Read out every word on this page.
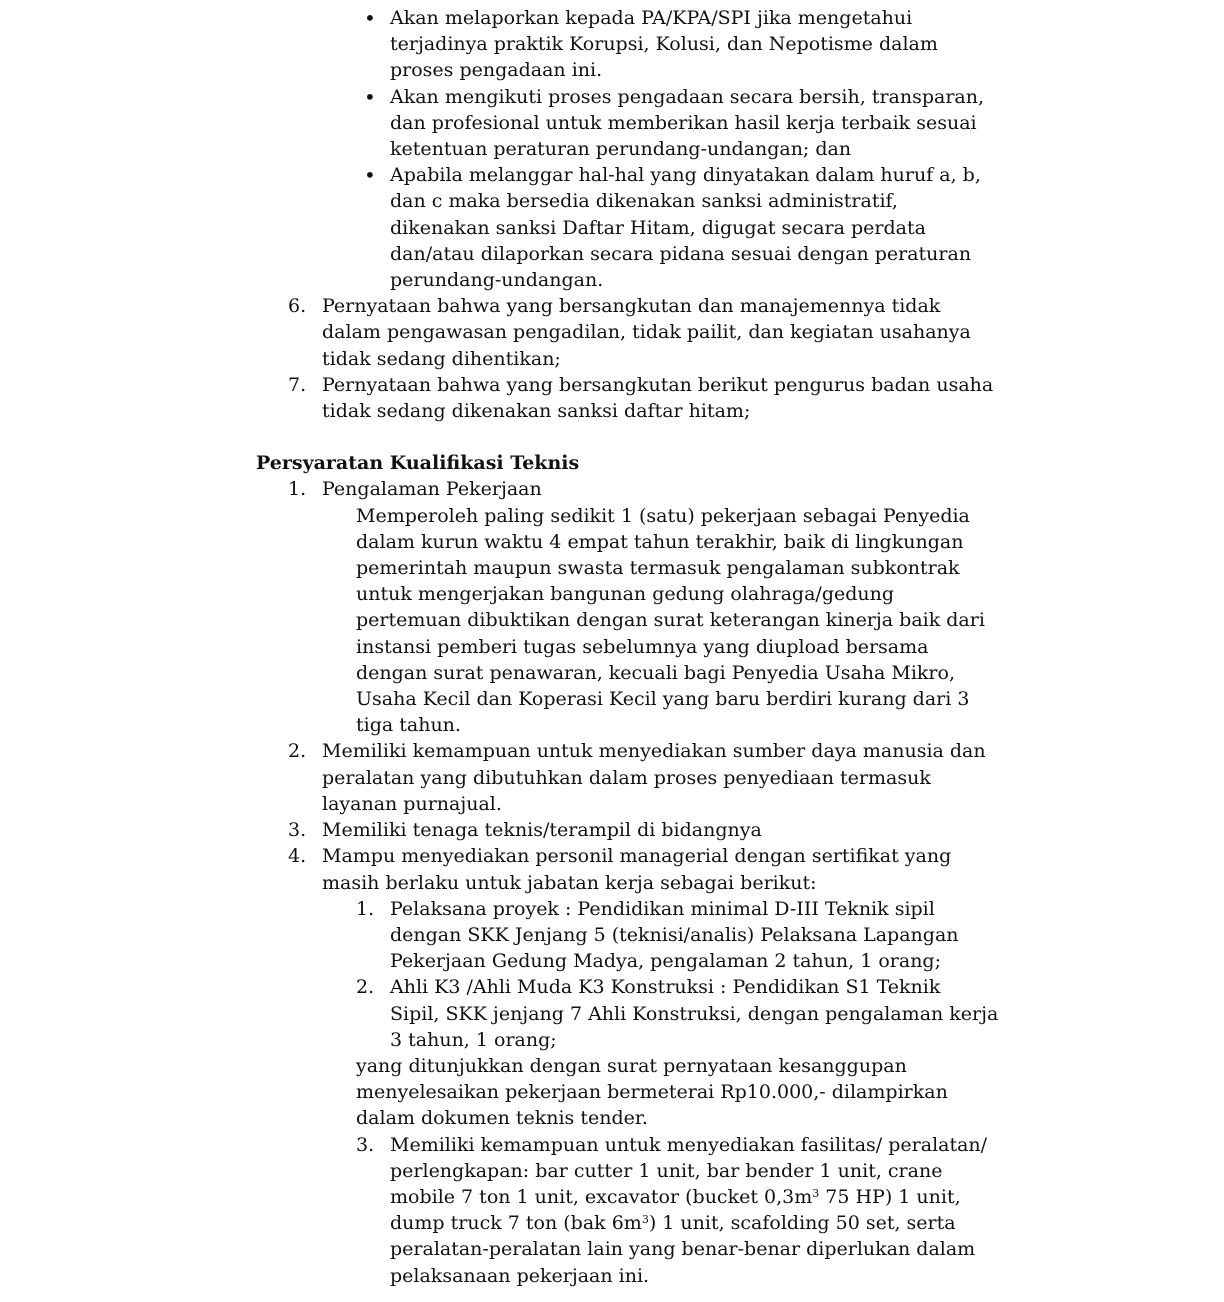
• Akan melaporkan kepada PA/KPA/SPI jika mengetahui
terjadinya praktik Korupsi, Kolusi, dan Nepotisme dalam
proses pengadaan ini.
• Akan mengikuti proses pengadaan secara bersih, transparan,
dan profesional untuk memberikan hasil kerja terbaik sesuai
ketentuan peraturan perundang-undangan; dan
• Apabila melanggar hal-hal yang dinyatakan dalam huruf a, b,
dan c maka bersedia dikenakan sanksi administratif,
dikenakan sanksi Daftar Hitam, digugat secara perdata
dan/atau dilaporkan secara pidana sesuai dengan peraturan
perundang-undangan.
6. Pernyataan bahwa yang bersangkutan dan manajemennya tidak
dalam pengawasan pengadilan, tidak pailit, dan kegiatan usahanya
tidak sedang dihentikan;
7. Pernyataan bahwa yang bersangkutan berikut pengurus badan usaha
tidak sedang dikenakan sanksi daftar hitam;
Persyaratan Kualifikasi Teknis
1. Pengalaman Pekerjaan
Memperoleh paling sedikit 1 (satu) pekerjaan sebagai Penyedia
dalam kurun waktu 4 empat tahun terakhir, baik di lingkungan
pemerintah maupun swasta termasuk pengalaman subkontrak
untuk mengerjakan bangunan gedung olahraga/gedung
pertemuan dibuktikan dengan surat keterangan kinerja baik dari
instansi pemberi tugas sebelumnya yang diupload bersama
dengan surat penawaran, kecuali bagi Penyedia Usaha Mikro,
Usaha Kecil dan Koperasi Kecil yang baru berdiri kurang dari 3
tiga tahun.
2. Memiliki kemampuan untuk menyediakan sumber daya manusia dan
peralatan yang dibutuhkan dalam proses penyediaan termasuk
layanan purnajual.
3. Memiliki tenaga teknis/terampil di bidangnya
4. Mampu menyediakan personil managerial dengan sertifikat yang
masih berlaku untuk jabatan kerja sebagai berikut:
1. Pelaksana proyek : Pendidikan minimal D-III Teknik sipil
dengan SKK Jenjang 5 (teknisi/analis) Pelaksana Lapangan
Pekerjaan Gedung Madya, pengalaman 2 tahun, 1 orang;
2. Ahli K3 /Ahli Muda K3 Konstruksi : Pendidikan S1 Teknik
Sipil, SKK jenjang 7 Ahli Konstruksi, dengan pengalaman kerja
3 tahun, 1 orang;
yang ditunjukkan dengan surat pernyataan kesanggupan
menyelesaikan pekerjaan bermeterai Rp10.000,- dilampirkan
dalam dokumen teknis tender.
3. Memiliki kemampuan untuk menyediakan fasilitas/ peralatan/
perlengkapan: bar cutter 1 unit, bar bender 1 unit, crane
mobile 7 ton 1 unit, excavator (bucket $0,3m^3$ 75 HP) 1 unit,
dump truck 7 ton (bak $6m^3$) 1 unit, scafolding 50 set, serta
peralatan-peralatan lain yang benar-benar diperlukan dalam
pelaksanaan pekerjaan ini.
